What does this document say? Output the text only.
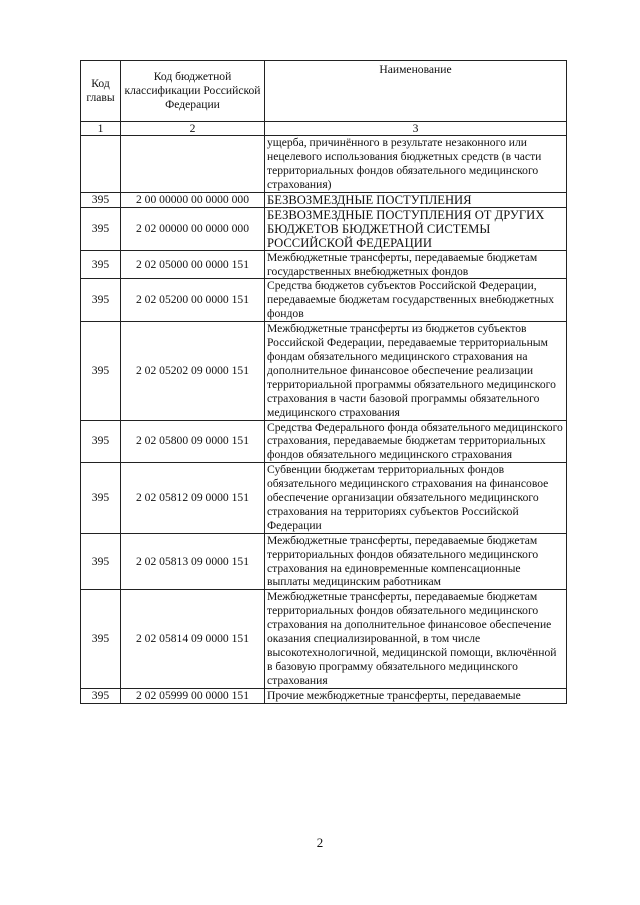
Код главы	Код бюджетной классификации Российской Федерации	Наименование
1	2	3
		ущерба, причинённого в результате незаконного или нецелевого использования бюджетных средств (в части территориальных фондов обязательного медицинского страхования)
395	2 00 00000 00 0000 000	БЕЗВОЗМЕЗДНЫЕ ПОСТУПЛЕНИЯ
395	2 02 00000 00 0000 000	БЕЗВОЗМЕЗДНЫЕ ПОСТУПЛЕНИЯ ОТ ДРУГИХ БЮДЖЕТОВ БЮДЖЕТНОЙ СИСТЕМЫ РОССИЙСКОЙ ФЕДЕРАЦИИ
395	2 02 05000 00 0000 151	Межбюджетные трансферты, передаваемые бюджетам государственных внебюджетных фондов
395	2 02 05200 00 0000 151	Средства бюджетов субъектов Российской Федерации, передаваемые бюджетам государственных внебюджетных фондов
395	2 02 05202 09 0000 151	Межбюджетные трансферты из бюджетов субъектов Российской Федерации, передаваемые территориальным фондам обязательного медицинского страхования на дополнительное финансовое обеспечение реализации территориальной программы обязательного медицинского страхования в части базовой программы обязательного медицинского страхования
395	2 02 05800 09 0000 151	Средства Федерального фонда обязательного медицинского страхования, передаваемые бюджетам территориальных фондов обязательного медицинского страхования
395	2 02 05812 09 0000 151	Субвенции бюджетам территориальных фондов обязательного медицинского страхования на финансовое обеспечение организации обязательного медицинского страхования на территориях субъектов Российской Федерации
395	2 02 05813 09 0000 151	Межбюджетные трансферты, передаваемые бюджетам территориальных фондов обязательного медицинского страхования на единовременные компенсационные выплаты медицинским работникам
395	2 02 05814 09 0000 151	Межбюджетные трансферты, передаваемые бюджетам территориальных фондов обязательного медицинского страхования на дополнительное финансовое обеспечение оказания специализированной, в том числе высокотехнологичной, медицинской помощи, включённой в базовую программу обязательного медицинского страхования
395	2 02 05999 00 0000 151	Прочие межбюджетные трансферты, передаваемые
2
